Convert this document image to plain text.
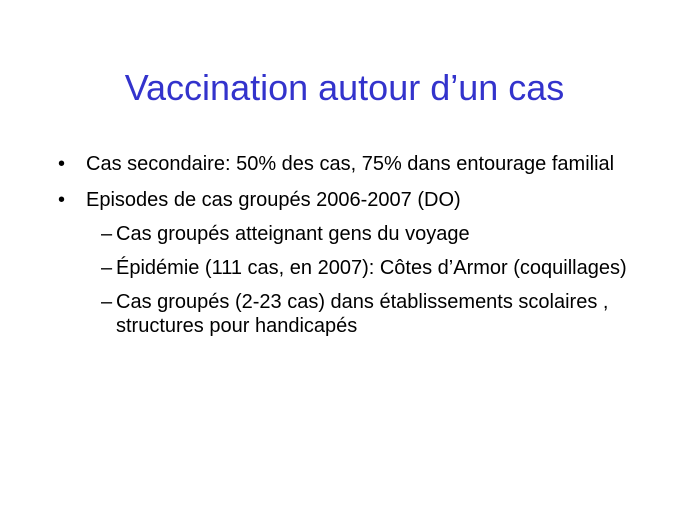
Vaccination autour d’un cas
•	Cas secondaire: 50% des cas, 75% dans entourage familial
•	Episodes de cas groupés 2006-2007 (DO)
– Cas groupés atteignant gens du voyage
– Épidémie (111 cas, en 2007): Côtes d’Armor (coquillages)
– Cas groupés (2-23 cas) dans établissements scolaires , structures pour handicapés
